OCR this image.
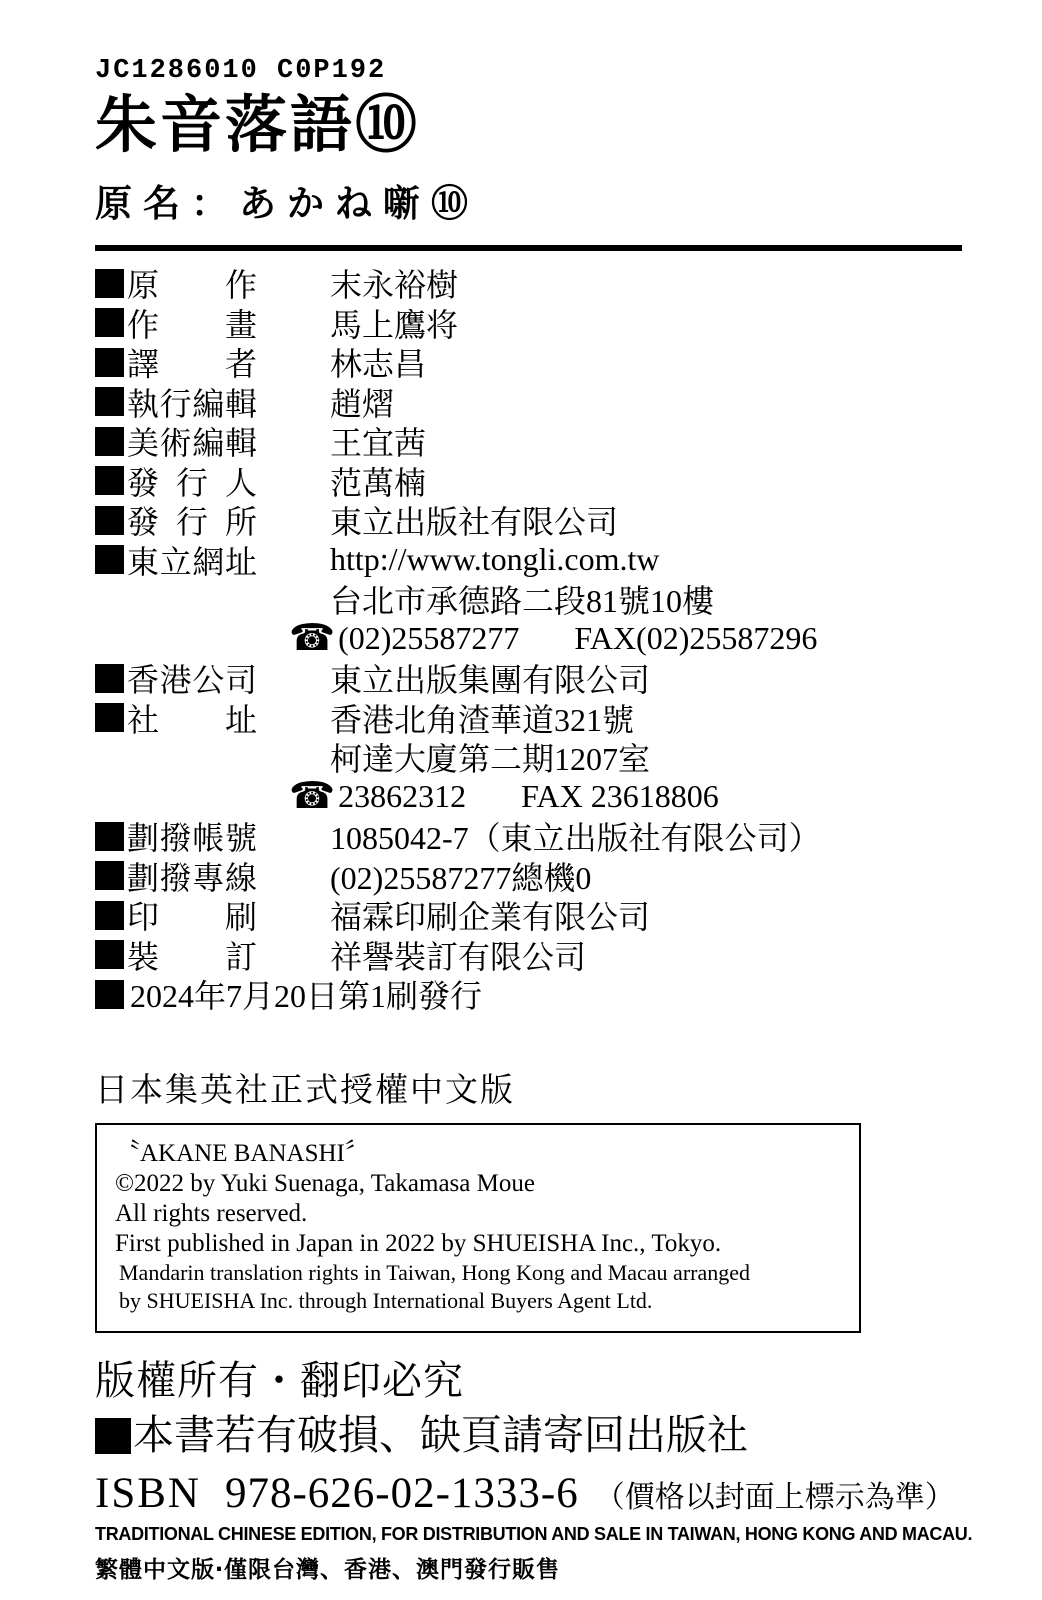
JC1286010 C0P192
朱音落語⑩
原名：あかね噺⑩
原作 末永裕樹
作畫 馬上鷹将
譯者 林志昌
執行編輯 趙熠
美術編輯 王宜茜
發行人 范萬楠
發行所 東立出版社有限公司
東立網址 http://www.tongli.com.tw
台北市承德路二段81號10樓
☎ (02)25587277 FAX(02)25587296
香港公司 東立出版集團有限公司
社址 香港北角渣華道321號
柯達大廈第二期1207室
☎ 23862312 FAX 23618806
劃撥帳號 1085042-7（東立出版社有限公司）
劃撥專線 (02)25587277總機0
印刷 福霖印刷企業有限公司
裝訂 祥譽裝訂有限公司
2024年7月20日第1刷發行
日本集英社正式授權中文版
〝AKANE BANASHI〞
©2022 by Yuki Suenaga, Takamasa Moue
All rights reserved.
First published in Japan in 2022 by SHUEISHA Inc., Tokyo.
Mandarin translation rights in Taiwan, Hong Kong and Macau arranged
by SHUEISHA Inc. through International Buyers Agent Ltd.
版權所有・翻印必究
本書若有破損、缺頁請寄回出版社
ISBN 978-626-02-1333-6 （價格以封面上標示為準）
TRADITIONAL CHINESE EDITION, FOR DISTRIBUTION AND SALE IN TAIWAN, HONG KONG AND MACAU.
繁體中文版‧僅限台灣、香港、澳門發行販售
